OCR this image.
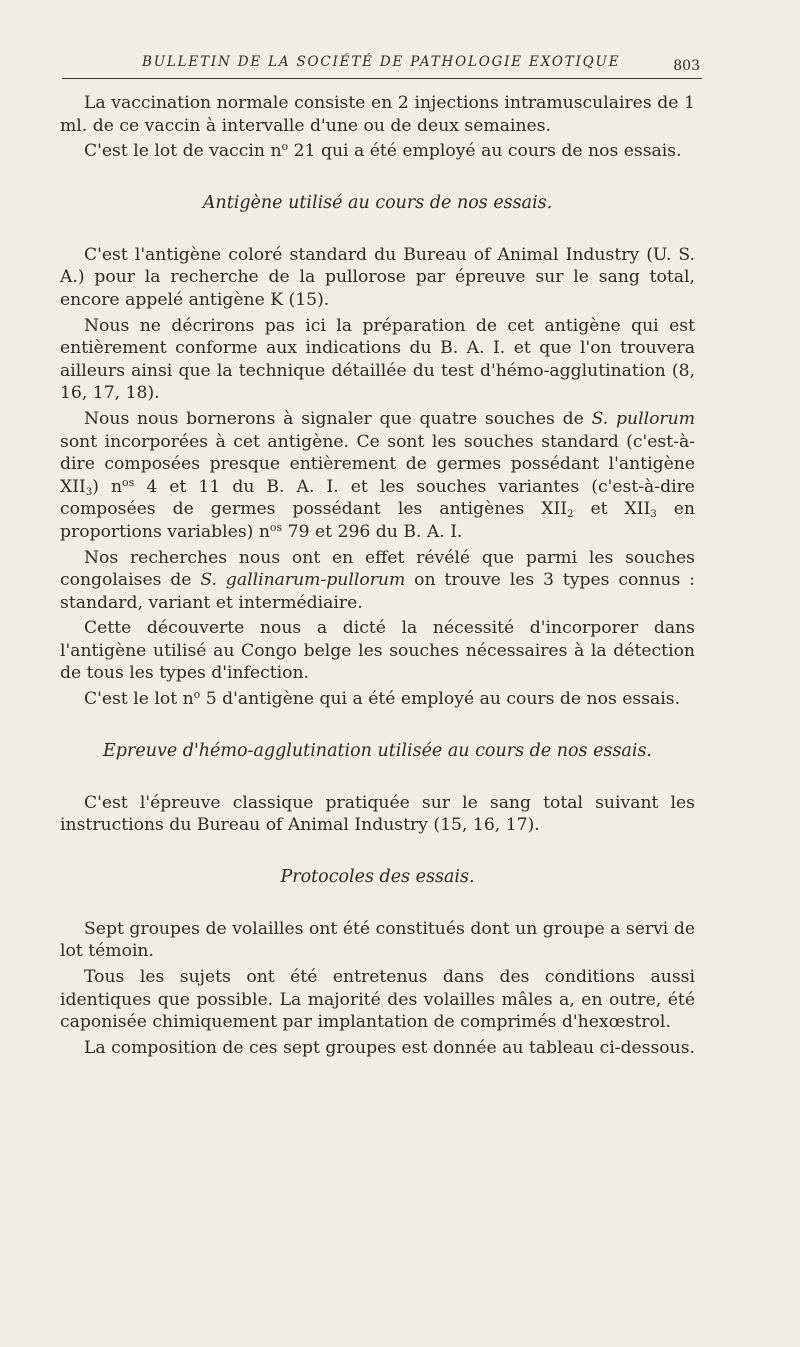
BULLETIN DE LA SOCIÉTÉ DE PATHOLOGIE EXOTIQUE	803

La vaccination normale consiste en 2 injections intramusculaires de 1 ml. de ce vaccin à intervalle d'une ou de deux semaines.

C'est le lot de vaccin $n^o$ 21 qui a été employé au cours de nos essais.

Antigène utilisé au cours de nos essais.

C'est l'antigène coloré standard du Bureau of Animal Industry (U. S. A.) pour la recherche de la pullorose par épreuve sur le sang total, encore appelé antigène K (15).

Nous ne décrirons pas ici la préparation de cet antigène qui est entièrement conforme aux indications du B. A. I. et que l'on trouvera ailleurs ainsi que la technique détaillée du test d'hémo-agglutination (8, 16, 17, 18).

Nous nous bornerons à signaler que quatre souches de S. pullorum sont incorporées à cet antigène. Ce sont les souches standard (c'est-à-dire composées presque entièrement de germes possédant l'antigène $XII_3$) $n^{os}$ 4 et 11 du B. A. I. et les souches variantes (c'est-à-dire composées de germes possédant les antigènes $XII_2$ et $XII_3$ en proportions variables) $n^{os}$ 79 et 296 du B. A. I.

Nos recherches nous ont en effet révélé que parmi les souches congolaises de S. gallinarum-pullorum on trouve les 3 types connus : standard, variant et intermédiaire.

Cette découverte nous a dicté la nécessité d'incorporer dans l'antigène utilisé au Congo belge les souches nécessaires à la détection de tous les types d'infection.

C'est le lot $n^o$ 5 d'antigène qui a été employé au cours de nos essais.

Epreuve d'hémo-agglutination utilisée au cours de nos essais.

C'est l'épreuve classique pratiquée sur le sang total suivant les instructions du Bureau of Animal Industry (15, 16, 17).

Protocoles des essais.

Sept groupes de volailles ont été constitués dont un groupe a servi de lot témoin.

Tous les sujets ont été entretenus dans des conditions aussi identiques que possible. La majorité des volailles mâles a, en outre, été caponisée chimiquement par implantation de comprimés d'hexœstrol.

La composition de ces sept groupes est donnée au tableau ci-dessous.
